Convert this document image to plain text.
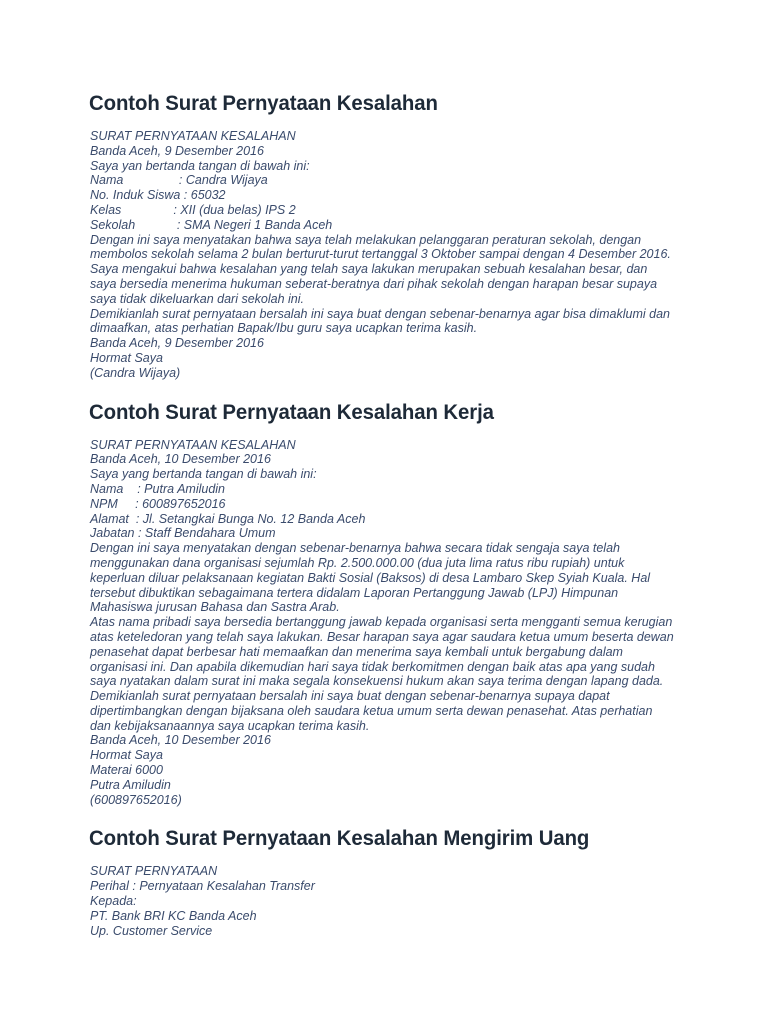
Contoh Surat Pernyataan Kesalahan
SURAT PERNYATAAN KESALAHAN
Banda Aceh, 9 Desember 2016
Saya yan bertanda tangan di bawah ini:
Nama                : Candra Wijaya
No. Induk Siswa : 65032
Kelas               : XII (dua belas) IPS 2
Sekolah            : SMA Negeri 1 Banda Aceh
Dengan ini saya menyatakan bahwa saya telah melakukan pelanggaran peraturan sekolah, dengan
membolos sekolah selama 2 bulan berturut-turut tertanggal 3 Oktober sampai dengan 4 Desember 2016.
Saya mengakui bahwa kesalahan yang telah saya lakukan merupakan sebuah kesalahan besar, dan
saya bersedia menerima hukuman seberat-beratnya dari pihak sekolah dengan harapan besar supaya
saya tidak dikeluarkan dari sekolah ini.
Demikianlah surat pernyataan bersalah ini saya buat dengan sebenar-benarnya agar bisa dimaklumi dan
dimaafkan, atas perhatian Bapak/Ibu guru saya ucapkan terima kasih.
Banda Aceh, 9 Desember 2016
Hormat Saya
(Candra Wijaya)
Contoh Surat Pernyataan Kesalahan Kerja
SURAT PERNYATAAN KESALAHAN
Banda Aceh, 10 Desember 2016
Saya yang bertanda tangan di bawah ini:
Nama    : Putra Amiludin
NPM     : 600897652016
Alamat  : Jl. Setangkai Bunga No. 12 Banda Aceh
Jabatan : Staff Bendahara Umum
Dengan ini saya menyatakan dengan sebenar-benarnya bahwa secara tidak sengaja saya telah
menggunakan dana organisasi sejumlah Rp. 2.500.000.00 (dua juta lima ratus ribu rupiah) untuk
keperluan diluar pelaksanaan kegiatan Bakti Sosial (Baksos) di desa Lambaro Skep Syiah Kuala. Hal
tersebut dibuktikan sebagaimana tertera didalam Laporan Pertanggung Jawab (LPJ) Himpunan
Mahasiswa jurusan Bahasa dan Sastra Arab.
Atas nama pribadi saya bersedia bertanggung jawab kepada organisasi serta mengganti semua kerugian
atas keteledoran yang telah saya lakukan. Besar harapan saya agar saudara ketua umum beserta dewan
penasehat dapat berbesar hati memaafkan dan menerima saya kembali untuk bergabung dalam
organisasi ini. Dan apabila dikemudian hari saya tidak berkomitmen dengan baik atas apa yang sudah
saya nyatakan dalam surat ini maka segala konsekuensi hukum akan saya terima dengan lapang dada.
Demikianlah surat pernyataan bersalah ini saya buat dengan sebenar-benarnya supaya dapat
dipertimbangkan dengan bijaksana oleh saudara ketua umum serta dewan penasehat. Atas perhatian
dan kebijaksanaannya saya ucapkan terima kasih.
Banda Aceh, 10 Desember 2016
Hormat Saya
Materai 6000
Putra Amiludin
(600897652016)
Contoh Surat Pernyataan Kesalahan Mengirim Uang
SURAT PERNYATAAN
Perihal : Pernyataan Kesalahan Transfer
Kepada:
PT. Bank BRI KC Banda Aceh
Up. Customer Service
